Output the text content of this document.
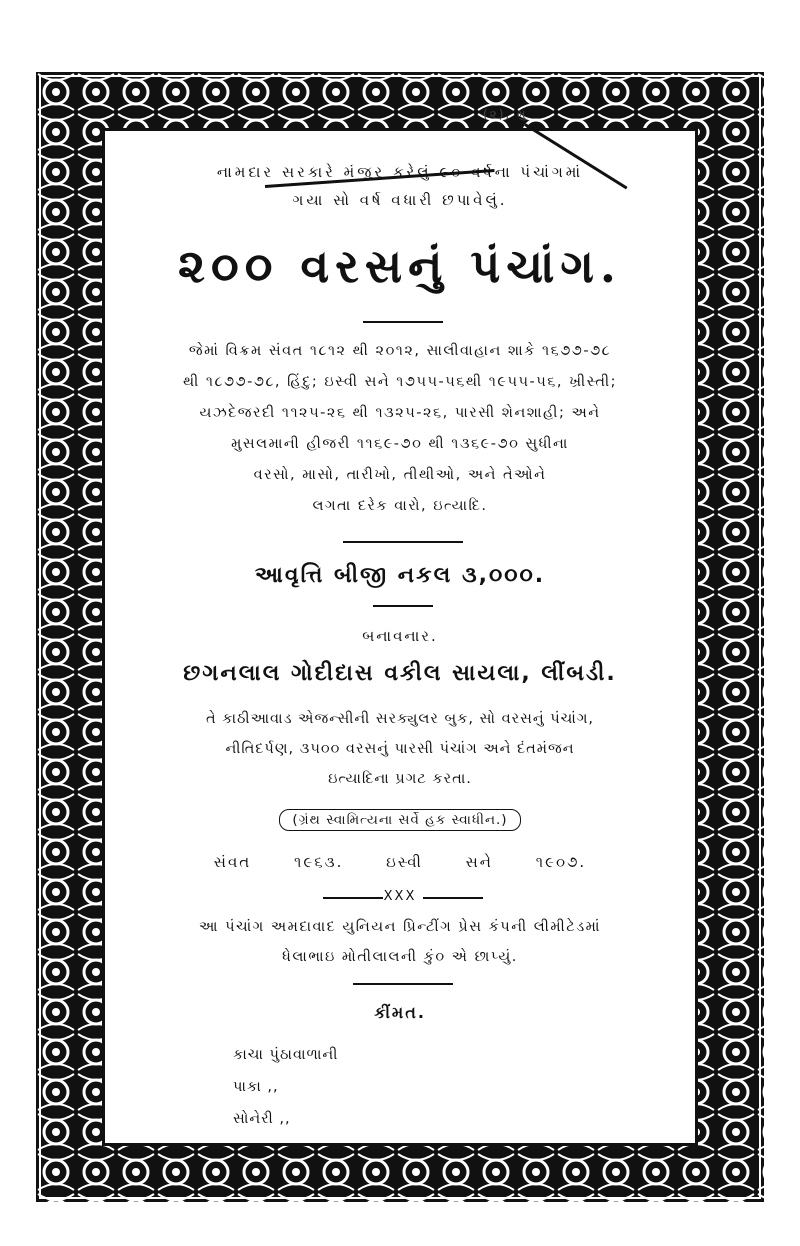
(૨), મુ
નામદાર સરકારે મંજુર કરેલું ૯૦ વર્ષના પંચાંગમાં
ગયા સો વર્ષ વધારી છપાવેલું.
૨૦૦ વરસનું પંચાંગ.
જેમાં વિક્રમ સંવત ૧૮૧૨ થી ૨૦૧૨, સાલીવાહાન શાકે ૧૬૭૭-૭૮
થી ૧૮૭૭-૭૮, હિંદુ; ઇસ્વી સને ૧૭૫૫-૫૬થી ૧૯૫૫-૫૬, ખ્રીસ્તી;
યઝદેજરદી ૧૧૨૫-૨૬ થી ૧૩૨૫-૨૬, પારસી શેનશાહી; અને
મુસલમાની હીજરી ૧૧૬૯-૭૦ થી ૧૩૬૯-૭૦ સુધીના
વરસો, માસો, તારીખો, તીથીઓ, અને તેઓને
લગતા દરેક વારો, ઇત્યાદિ.
આવૃત્તિ બીજી નકલ ૩,૦૦૦.
બનાવનાર.
છગનલાલ ગોદીદાસ વકીલ સાયલા, લીંબડી.
તે કાઠીઆવાડ એજન્સીની સરક્યુલર બુક, સો વરસનું પંચાંગ,
નીતિદર્પણ, ૩૫૦૦ વરસનું પારસી પંચાંગ અને દંતમંજન
ઇત્યાદિના પ્રગટ કરતા.
(ગ્રંથ સ્વામિત્યના સર્વે હક સ્વાધીન.)
સંવત ૧૯૬૩. ઇસ્વી સને ૧૯૦૭.
XXX
આ પંચાંગ અમદાવાદ યુનિયન પ્રિન્ટીંગ પ્રેસ કંપની લીમીટેડમાં
ધેલાભાઇ મોતીલાલની કું૦ એ છાપ્યું.
કીંમત.
કાચા પુંઠાવાળાની
પાકા ,,
સોનેરી ,,
